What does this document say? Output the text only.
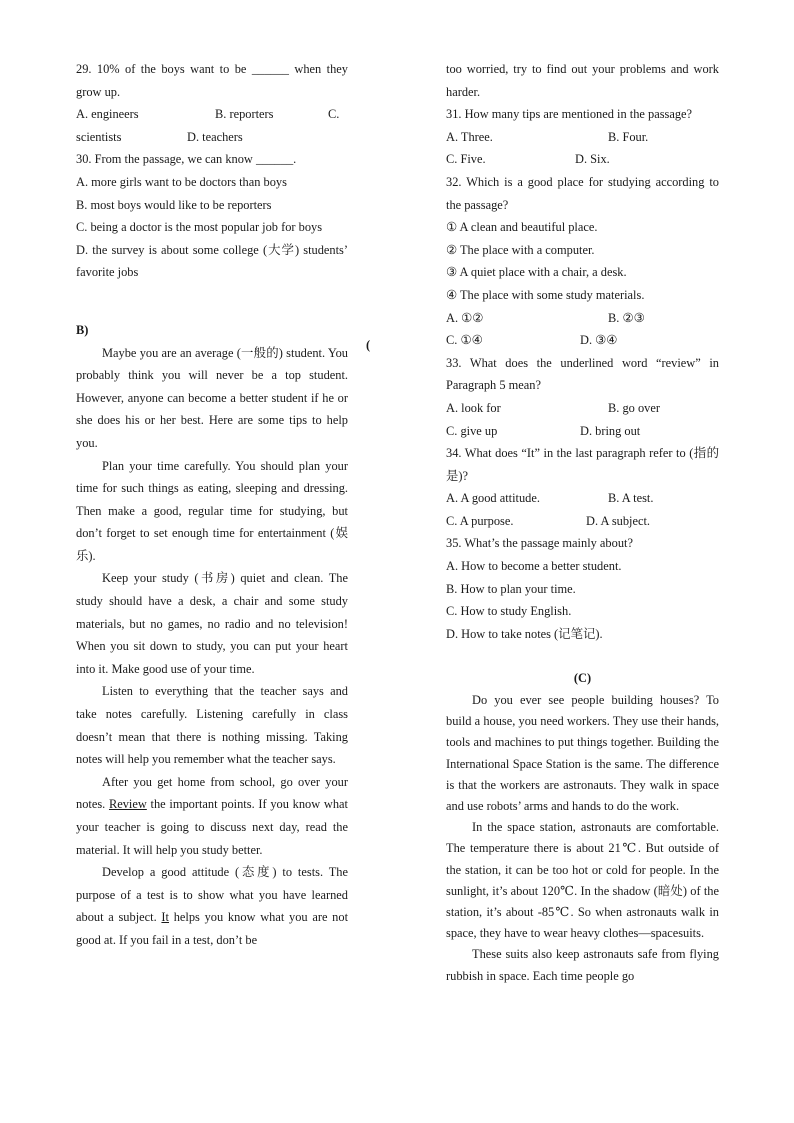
29. 10% of the boys want to be ______ when they grow up.

A. engineers	B. reporters	C.
scientists	D. teachers

30. From the passage, we can know ______.

A. more girls want to be doctors than boys

B. most boys would like to be reporters

C. being a doctor is the most popular job for boys

D. the survey is about some college (大学) students’ favorite jobs

B)

Maybe you are an average (一般的) student. You probably think you will never be a top student. However, anyone can become a better student if he or she does his or her best. Here are some tips to help you.

Plan your time carefully. You should plan your time for such things as eating, sleeping and dressing. Then make a good, regular time for studying, but don’t forget to set enough time for entertainment (娱乐).

Keep your study (书房) quiet and clean. The study should have a desk, a chair and some study materials, but no games, no radio and no television! When you sit down to study, you can put your heart into it. Make good use of your time.

Listen to everything that the teacher says and take notes carefully. Listening carefully in class doesn’t mean that there is nothing missing. Taking notes will help you remember what the teacher says.

After you get home from school, go over your notes. Review the important points. If you know what your teacher is going to discuss next day, read the material. It will help you study better.

Develop a good attitude (态度) to tests. The purpose of a test is to show what you have learned about a subject. It helps you know what you are not good at. If you fail in a test, don’t be

(

too worried, try to find out your problems and work harder.

31. How many tips are mentioned in the passage?

A. Three.	B. Four.
C. Five.	D. Six.

32. Which is a good place for studying according to the passage?

① A clean and beautiful place.

② The place with a computer.

③ A quiet place with a chair, a desk.

④ The place with some study materials.

A. ①②	B. ②③
C. ①④	D. ③④

33. What does the underlined word “review” in Paragraph 5 mean?

A. look for	B. go over
C. give up	D. bring out

34. What does “It” in the last paragraph refer to (指的是)?

A. A good attitude.	B. A test.
C. A purpose.	D. A subject.

35. What’s the passage mainly about?

A. How to become a better student.

B. How to plan your time.

C. How to study English.

D. How to take notes (记笔记).

(C)

Do you ever see people building houses? To build a house, you need workers. They use their hands, tools and machines to put things together. Building the International Space Station is the same. The difference is that the workers are astronauts. They walk in space and use robots’ arms and hands to do the work.

In the space station, astronauts are comfortable. The temperature there is about 21℃. But outside of the station, it can be too hot or cold for people. In the sunlight, it’s about 120℃. In the shadow (暗处) of the station, it’s about -85℃. So when astronauts walk in space, they have to wear heavy clothes—spacesuits.

These suits also keep astronauts safe from flying rubbish in space. Each time people go
